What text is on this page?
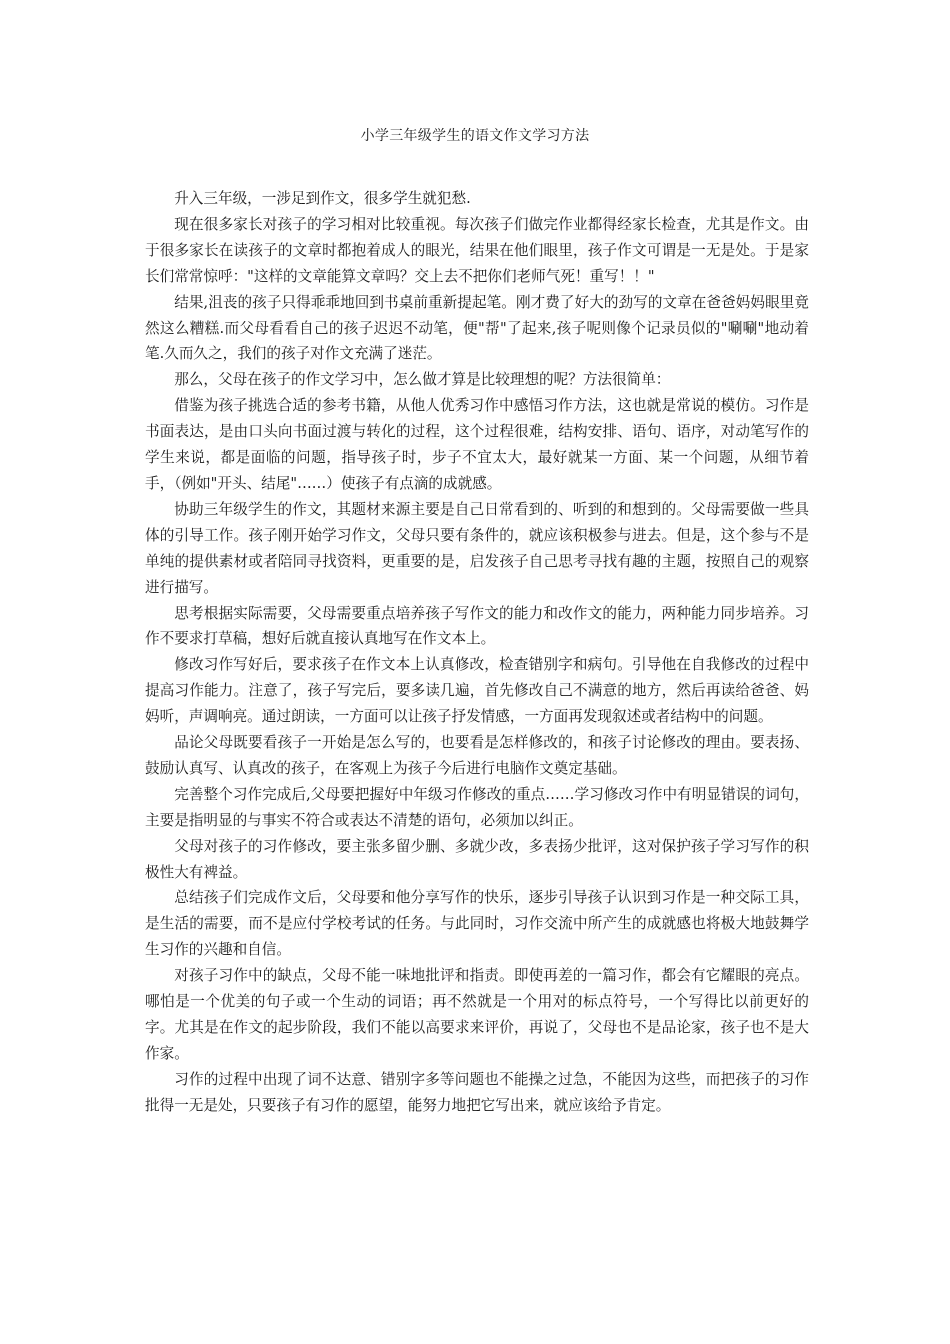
小学三年级学生的语文作文学习方法

升入三年级，一涉足到作文，很多学生就犯愁.

现在很多家长对孩子的学习相对比较重视。每次孩子们做完作业都得经家长检查，尤其是作文。由于很多家长在读孩子的文章时都抱着成人的眼光，结果在他们眼里，孩子作文可谓是一无是处。于是家长们常常惊呼："这样的文章能算文章吗？交上去不把你们老师气死！重写！！"

结果,沮丧的孩子只得乖乖地回到书桌前重新提起笔。刚才费了好大的劲写的文章在爸爸妈妈眼里竟然这么糟糕.而父母看看自己的孩子迟迟不动笔，便"帮"了起来,孩子呢则像个记录员似的"唰唰"地动着笔.久而久之，我们的孩子对作文充满了迷茫。

那么，父母在孩子的作文学习中，怎么做才算是比较理想的呢？方法很简单：

借鉴为孩子挑选合适的参考书籍，从他人优秀习作中感悟习作方法，这也就是常说的模仿。习作是书面表达，是由口头向书面过渡与转化的过程，这个过程很难，结构安排、语句、语序，对动笔写作的学生来说，都是面临的问题，指导孩子时，步子不宜太大，最好就某一方面、某一个问题，从细节着手，（例如"开头、结尾"……）使孩子有点滴的成就感。

协助三年级学生的作文，其题材来源主要是自己日常看到的、听到的和想到的。父母需要做一些具体的引导工作。孩子刚开始学习作文，父母只要有条件的，就应该积极参与进去。但是，这个参与不是单纯的提供素材或者陪同寻找资料，更重要的是，启发孩子自己思考寻找有趣的主题，按照自己的观察进行描写。

思考根据实际需要，父母需要重点培养孩子写作文的能力和改作文的能力，两种能力同步培养。习作不要求打草稿，想好后就直接认真地写在作文本上。

修改习作写好后，要求孩子在作文本上认真修改，检查错别字和病句。引导他在自我修改的过程中提高习作能力。注意了，孩子写完后，要多读几遍，首先修改自己不满意的地方，然后再读给爸爸、妈妈听，声调响亮。通过朗读，一方面可以让孩子抒发情感，一方面再发现叙述或者结构中的问题。

品论父母既要看孩子一开始是怎么写的，也要看是怎样修改的，和孩子讨论修改的理由。要表扬、鼓励认真写、认真改的孩子，在客观上为孩子今后进行电脑作文奠定基础。

完善整个习作完成后,父母要把握好中年级习作修改的重点……学习修改习作中有明显错误的词句，主要是指明显的与事实不符合或表达不清楚的语句，必须加以纠正。

父母对孩子的习作修改，要主张多留少删、多就少改，多表扬少批评，这对保护孩子学习写作的积极性大有裨益。

总结孩子们完成作文后，父母要和他分享写作的快乐，逐步引导孩子认识到习作是一种交际工具，是生活的需要，而不是应付学校考试的任务。与此同时，习作交流中所产生的成就感也将极大地鼓舞学生习作的兴趣和自信。

对孩子习作中的缺点，父母不能一味地批评和指责。即使再差的一篇习作，都会有它耀眼的亮点。哪怕是一个优美的句子或一个生动的词语；再不然就是一个用对的标点符号，一个写得比以前更好的字。尤其是在作文的起步阶段，我们不能以高要求来评价，再说了，父母也不是品论家，孩子也不是大作家。

习作的过程中出现了词不达意、错别字多等问题也不能操之过急，不能因为这些，而把孩子的习作批得一无是处，只要孩子有习作的愿望，能努力地把它写出来，就应该给予肯定。
